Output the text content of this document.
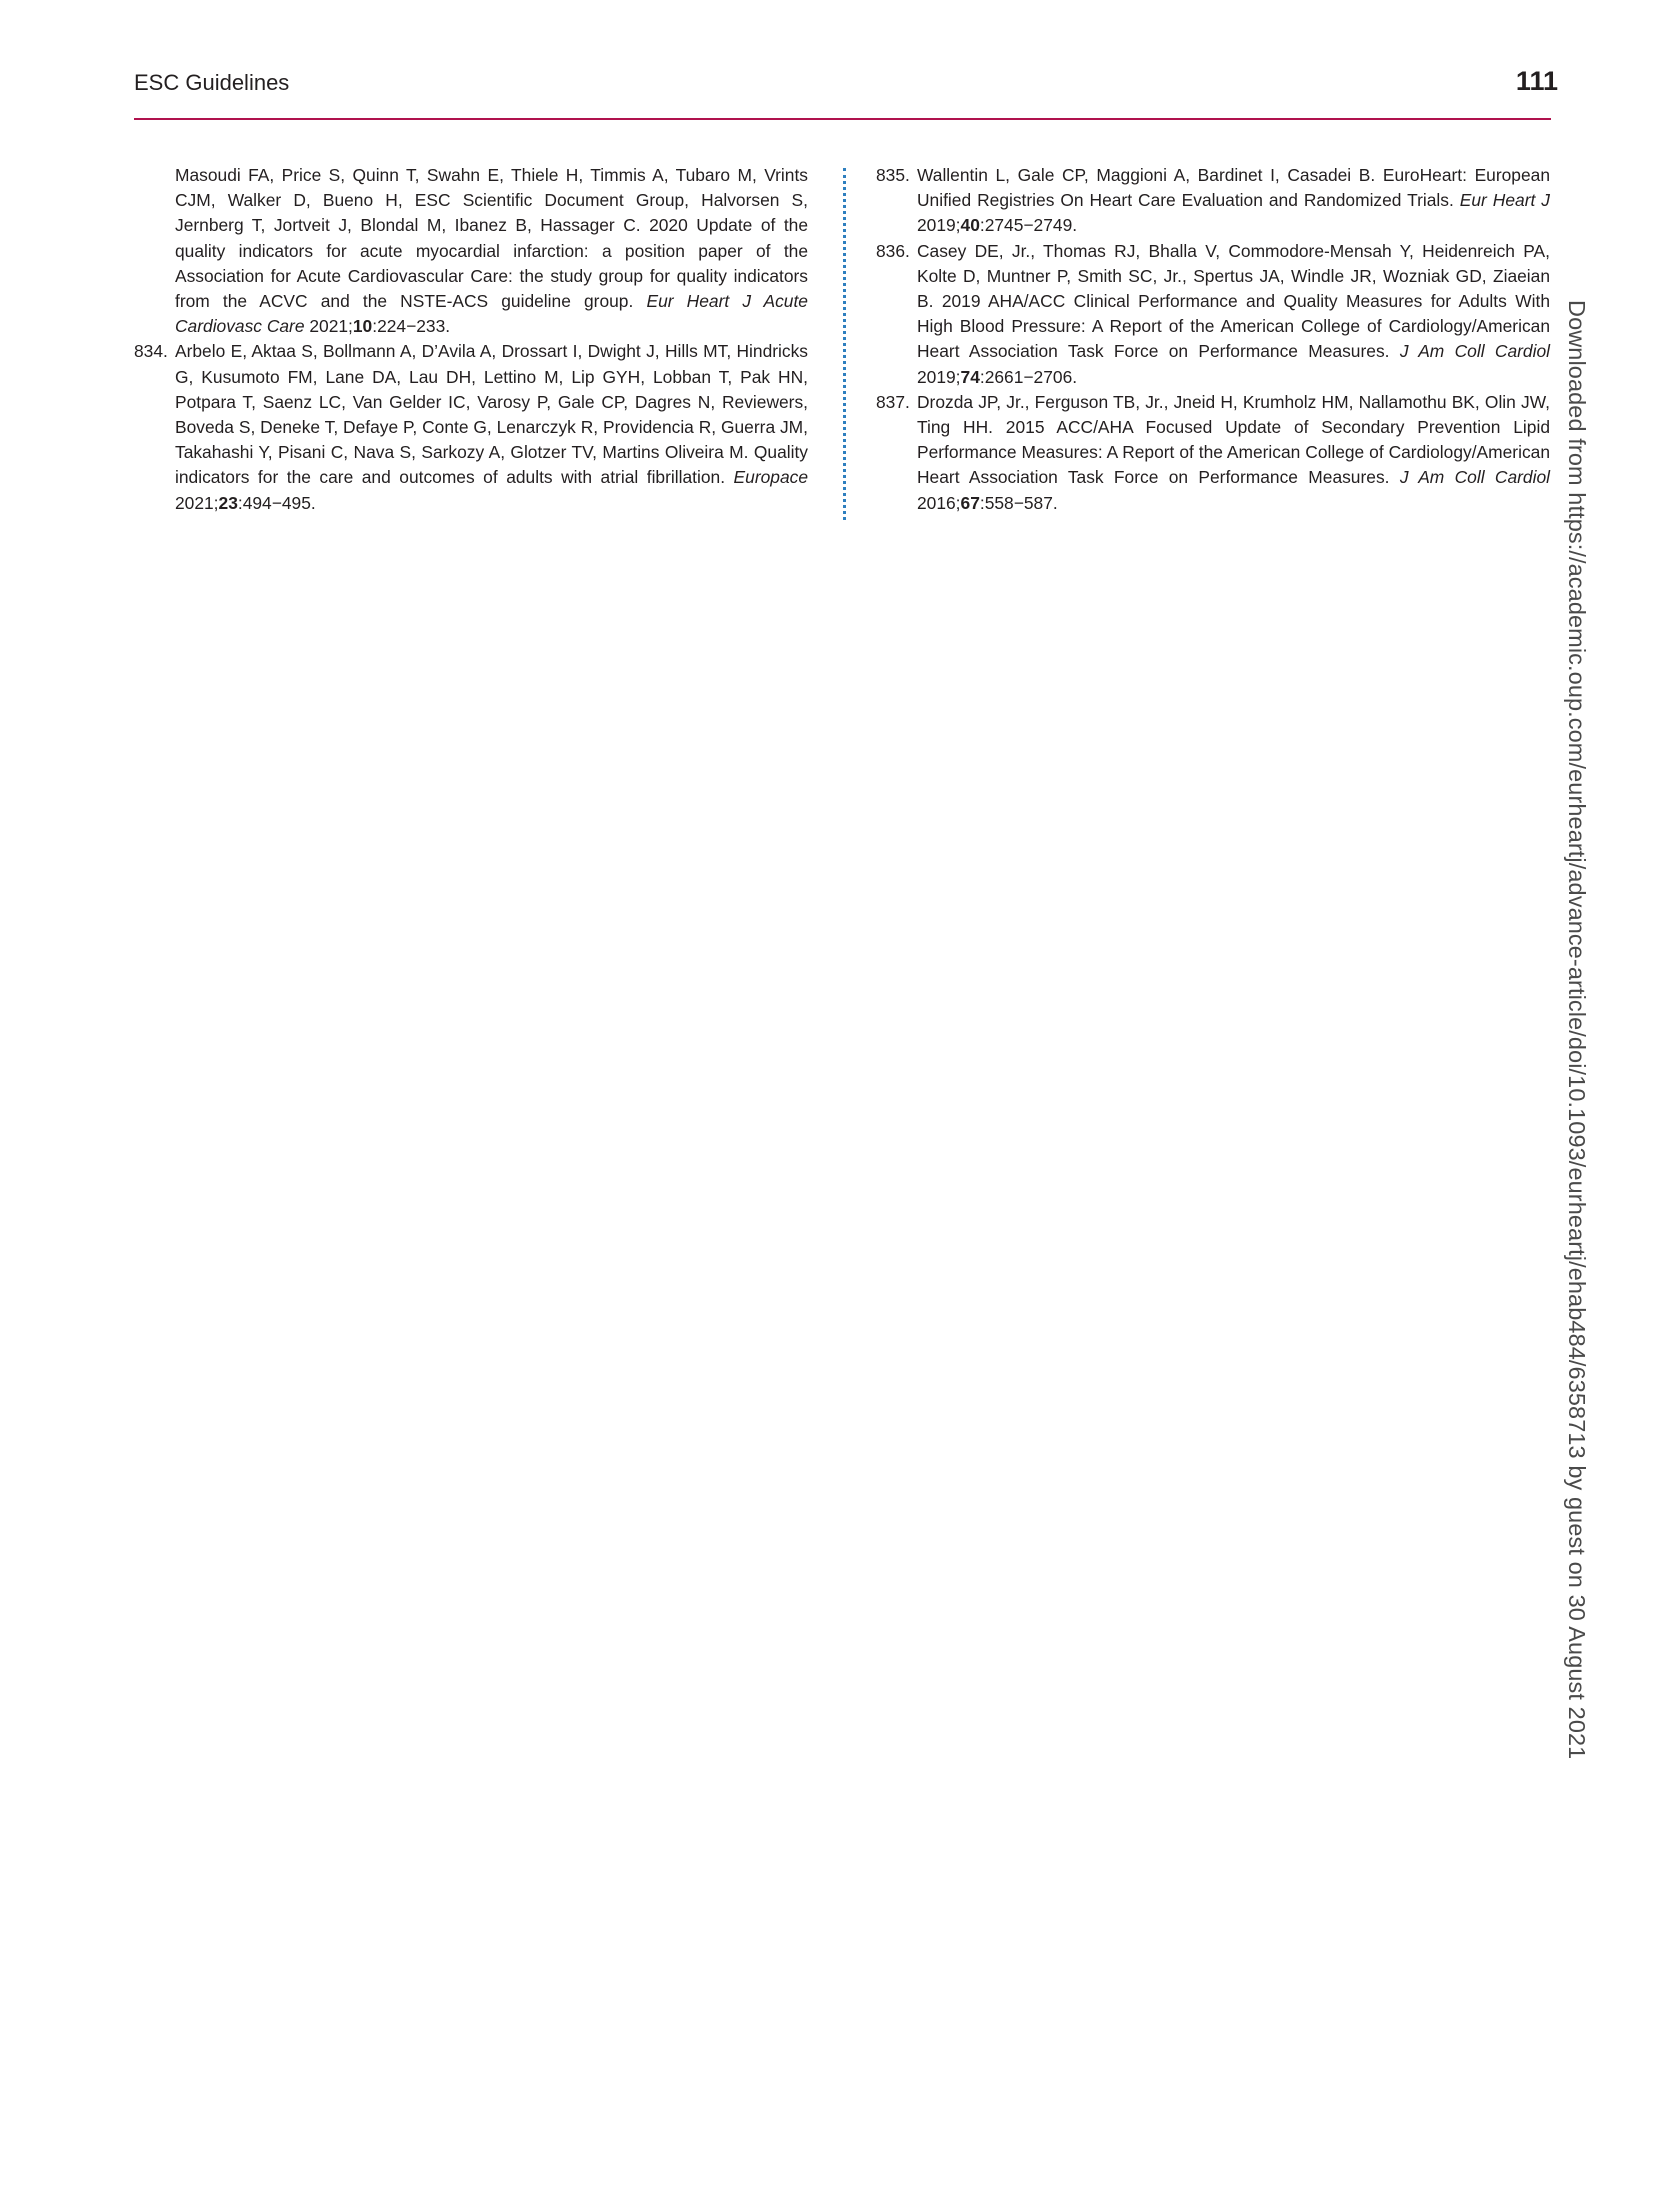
ESC Guidelines	111

Masoudi FA, Price S, Quinn T, Swahn E, Thiele H, Timmis A, Tubaro M, Vrints CJM, Walker D, Bueno H, ESC Scientific Document Group, Halvorsen S, Jernberg T, Jortveit J, Blondal M, Ibanez B, Hassager C. 2020 Update of the quality indicators for acute myocardial infarction: a position paper of the Association for Acute Cardiovascular Care: the study group for quality indicators from the ACVC and the NSTE-ACS guideline group. Eur Heart J Acute Cardiovasc Care 2021;10:224−233.

834. Arbelo E, Aktaa S, Bollmann A, D’Avila A, Drossart I, Dwight J, Hills MT, Hindricks G, Kusumoto FM, Lane DA, Lau DH, Lettino M, Lip GYH, Lobban T, Pak HN, Potpara T, Saenz LC, Van Gelder IC, Varosy P, Gale CP, Dagres N, Reviewers, Boveda S, Deneke T, Defaye P, Conte G, Lenarczyk R, Providencia R, Guerra JM, Takahashi Y, Pisani C, Nava S, Sarkozy A, Glotzer TV, Martins Oliveira M. Quality indicators for the care and outcomes of adults with atrial fibrillation. Europace 2021;23:494−495.

835. Wallentin L, Gale CP, Maggioni A, Bardinet I, Casadei B. EuroHeart: European Unified Registries On Heart Care Evaluation and Randomized Trials. Eur Heart J 2019;40:2745−2749.

836. Casey DE, Jr., Thomas RJ, Bhalla V, Commodore-Mensah Y, Heidenreich PA, Kolte D, Muntner P, Smith SC, Jr., Spertus JA, Windle JR, Wozniak GD, Ziaeian B. 2019 AHA/ACC Clinical Performance and Quality Measures for Adults With High Blood Pressure: A Report of the American College of Cardiology/American Heart Association Task Force on Performance Measures. J Am Coll Cardiol 2019;74:2661−2706.

837. Drozda JP, Jr., Ferguson TB, Jr., Jneid H, Krumholz HM, Nallamothu BK, Olin JW, Ting HH. 2015 ACC/AHA Focused Update of Secondary Prevention Lipid Performance Measures: A Report of the American College of Cardiology/American Heart Association Task Force on Performance Measures. J Am Coll Cardiol 2016;67:558−587.	Downloaded from https://academic.oup.com/eurheartj/advance-article/doi/10.1093/eurheartj/ehab484/6358713 by guest on 30 August 2021
